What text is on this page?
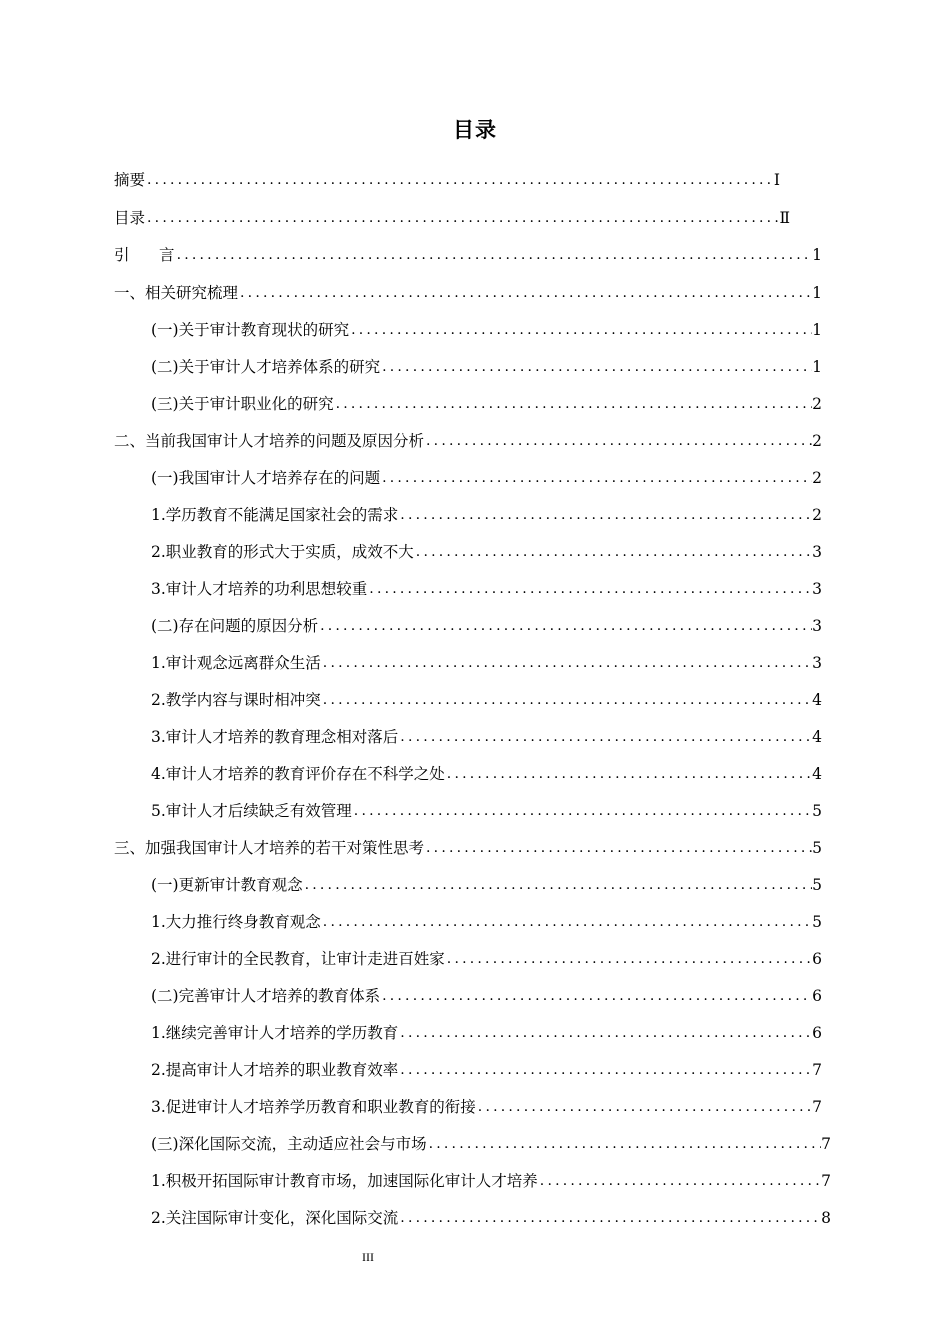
目录
摘要 .....	I
目录 .....	Ⅱ
引      言 .....	1
一、相关研究梳理 .....	1
(一)关于审计教育现状的研究 .....	1
(二)关于审计人才培养体系的研究 .....	1
(三)关于审计职业化的研究 .....	2
二、当前我国审计人才培养的问题及原因分析 .....	2
(一)我国审计人才培养存在的问题 .....	2
1.学历教育不能满足国家社会的需求 .....	2
2.职业教育的形式大于实质，成效不大 .....	3
3.审计人才培养的功利思想较重 .....	3
(二)存在问题的原因分析 .....	3
1.审计观念远离群众生活 .....	3
2.教学内容与课时相冲突 .....	4
3.审计人才培养的教育理念相对落后 .....	4
4.审计人才培养的教育评价存在不科学之处 .....	4
5.审计人才后续缺乏有效管理 .....	5
三、加强我国审计人才培养的若干对策性思考 .....	5
(一)更新审计教育观念 .....	5
1.大力推行终身教育观念 .....	5
2.进行审计的全民教育，让审计走进百姓家 .....	6
(二)完善审计人才培养的教育体系 .....	6
1.继续完善审计人才培养的学历教育 .....	6
2.提高审计人才培养的职业教育效率 .....	7
3.促进审计人才培养学历教育和职业教育的衔接 .....	7
(三)深化国际交流，主动适应社会与市场 .....	7
1.积极开拓国际审计教育市场，加速国际化审计人才培养 .....	7
2.关注国际审计变化，深化国际交流 .....	8
III
